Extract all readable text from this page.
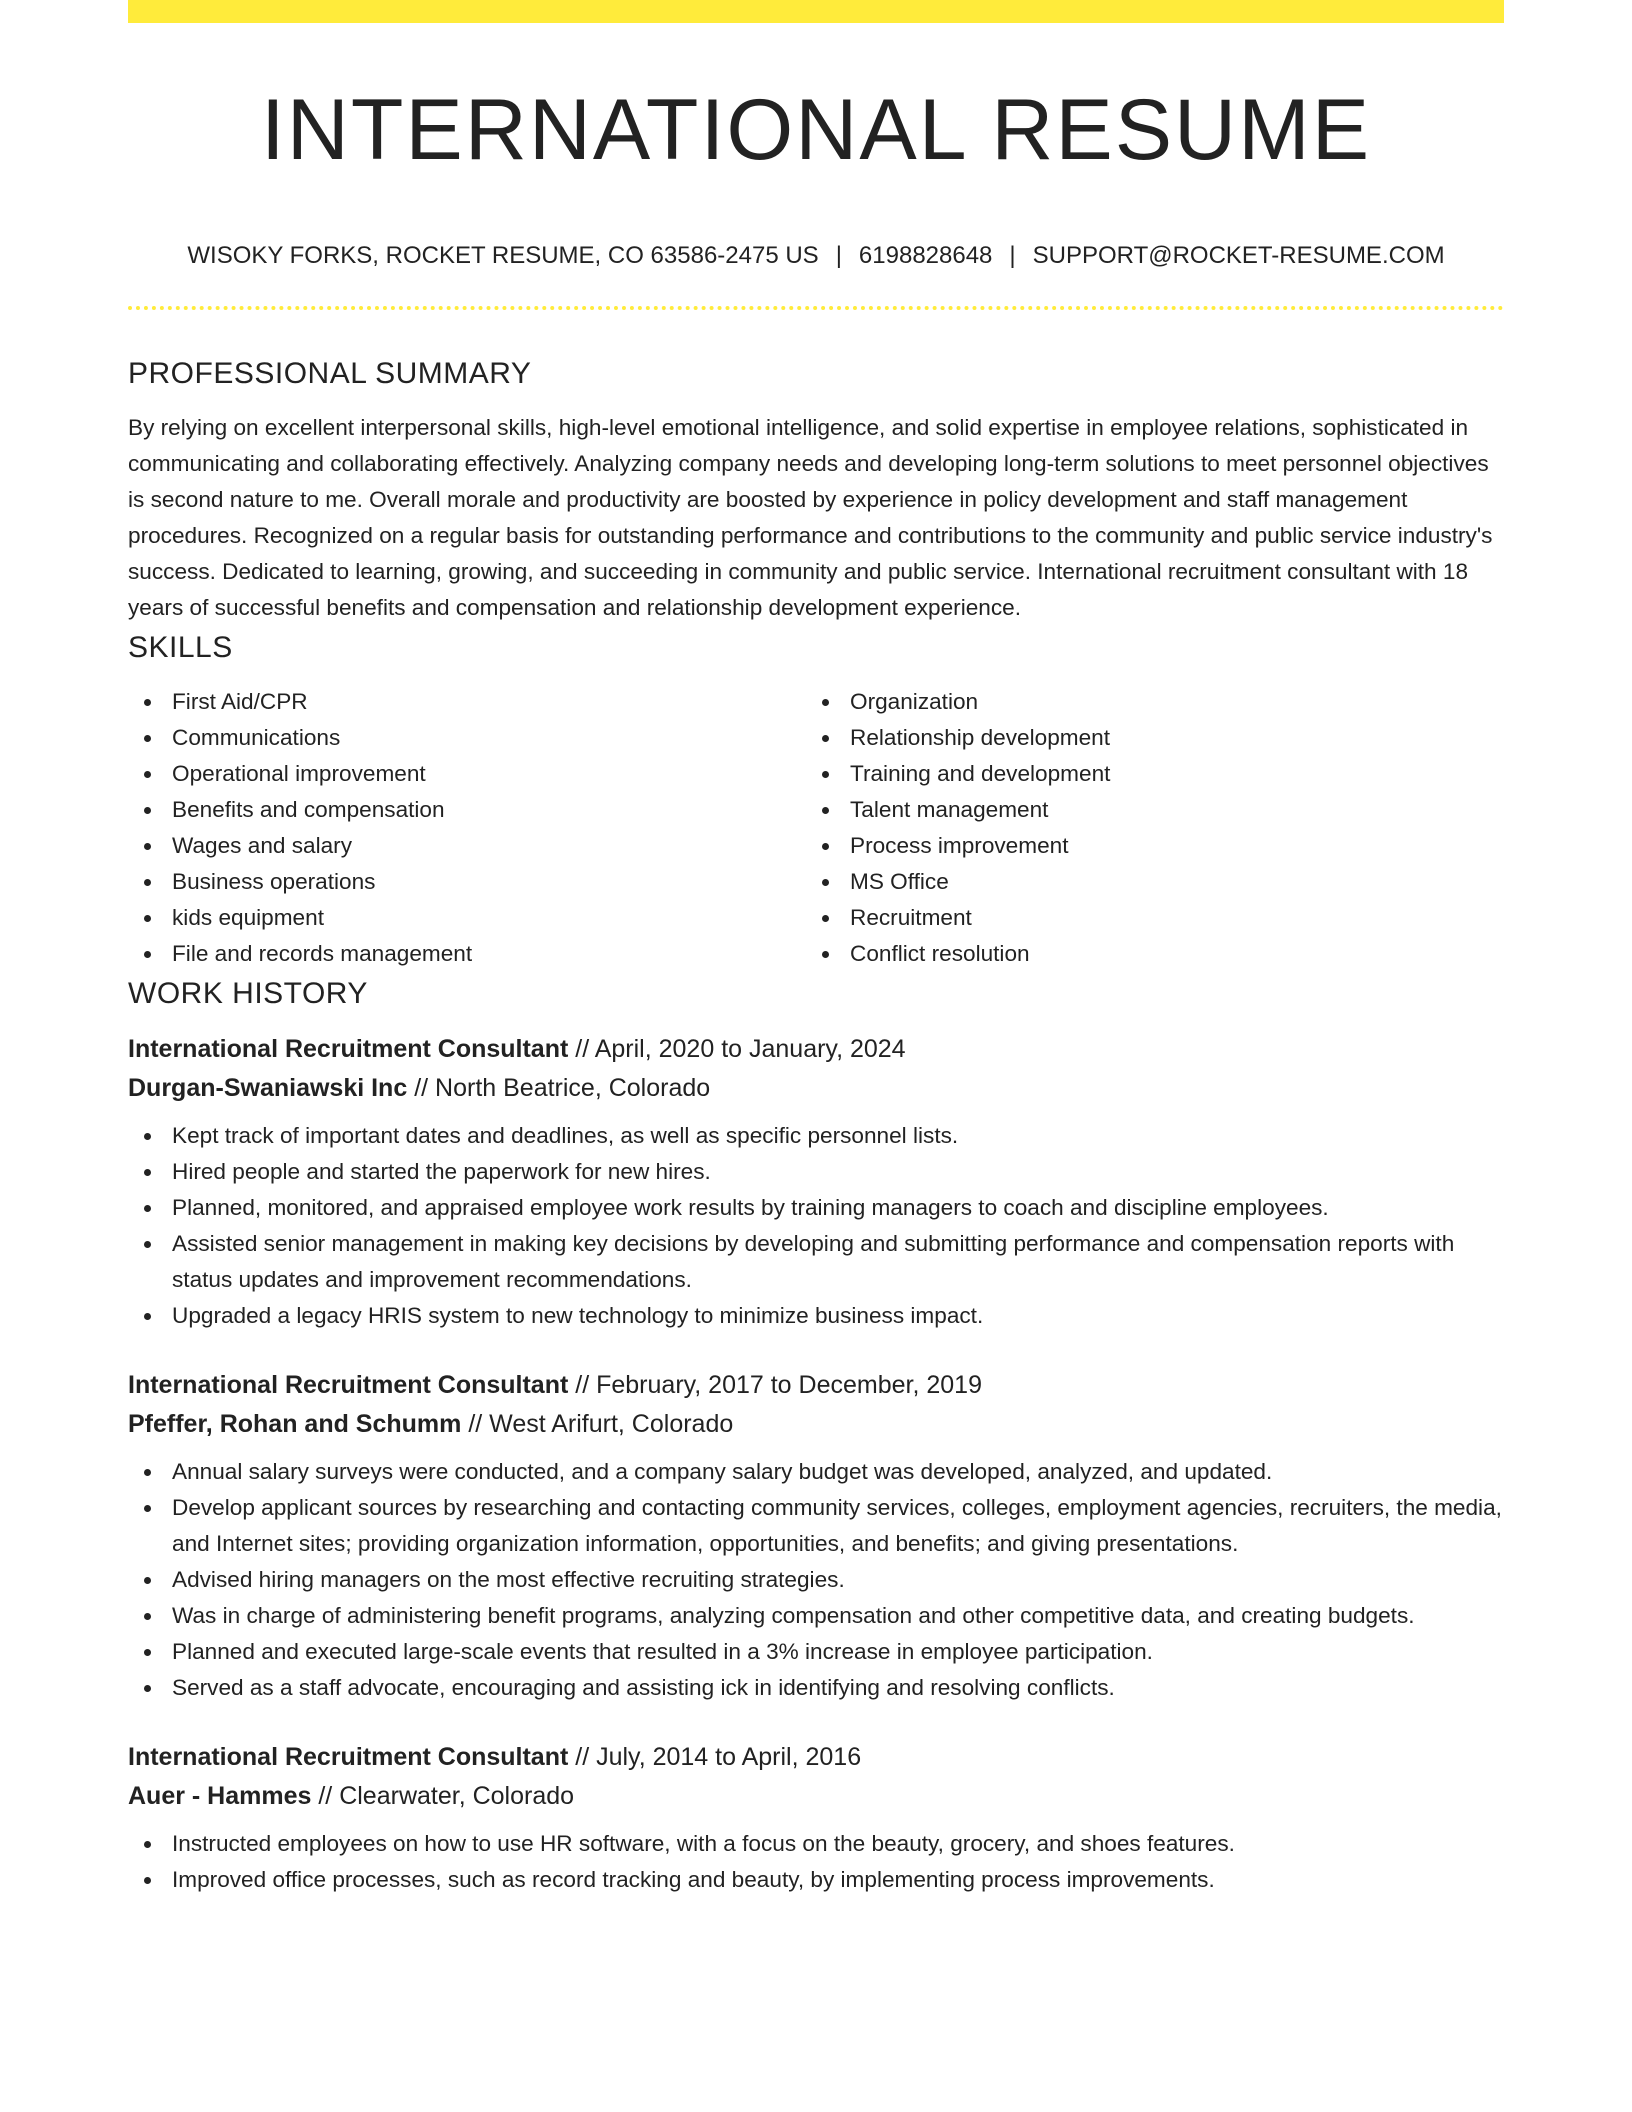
INTERNATIONAL RESUME
WISOKY FORKS, ROCKET RESUME, CO 63586-2475 US | 6198828648 | SUPPORT@ROCKET-RESUME.COM
PROFESSIONAL SUMMARY

By relying on excellent interpersonal skills, high-level emotional intelligence, and solid expertise in employee relations, sophisticated in communicating and collaborating effectively. Analyzing company needs and developing long-term solutions to meet personnel objectives is second nature to me. Overall morale and productivity are boosted by experience in policy development and staff management procedures. Recognized on a regular basis for outstanding performance and contributions to the community and public service industry's success. Dedicated to learning, growing, and succeeding in community and public service. International recruitment consultant with 18 years of successful benefits and compensation and relationship development experience.

SKILLS
First Aid/CPR
Communications
Operational improvement
Benefits and compensation
Wages and salary
Business operations
kids equipment
File and records management
Organization
Relationship development
Training and development
Talent management
Process improvement
MS Office
Recruitment
Conflict resolution
WORK HISTORY
International Recruitment Consultant // April, 2020 to January, 2024
Durgan-Swaniawski Inc // North Beatrice, Colorado
Kept track of important dates and deadlines, as well as specific personnel lists.
Hired people and started the paperwork for new hires.
Planned, monitored, and appraised employee work results by training managers to coach and discipline employees.
Assisted senior management in making key decisions by developing and submitting performance and compensation reports with status updates and improvement recommendations.
Upgraded a legacy HRIS system to new technology to minimize business impact.
International Recruitment Consultant // February, 2017 to December, 2019
Pfeffer, Rohan and Schumm // West Arifurt, Colorado
Annual salary surveys were conducted, and a company salary budget was developed, analyzed, and updated.
Develop applicant sources by researching and contacting community services, colleges, employment agencies, recruiters, the media, and Internet sites; providing organization information, opportunities, and benefits; and giving presentations.
Advised hiring managers on the most effective recruiting strategies.
Was in charge of administering benefit programs, analyzing compensation and other competitive data, and creating budgets.
Planned and executed large-scale events that resulted in a 3% increase in employee participation.
Served as a staff advocate, encouraging and assisting ick in identifying and resolving conflicts.
International Recruitment Consultant // July, 2014 to April, 2016
Auer - Hammes // Clearwater, Colorado
Instructed employees on how to use HR software, with a focus on the beauty, grocery, and shoes features.
Improved office processes, such as record tracking and beauty, by implementing process improvements.
